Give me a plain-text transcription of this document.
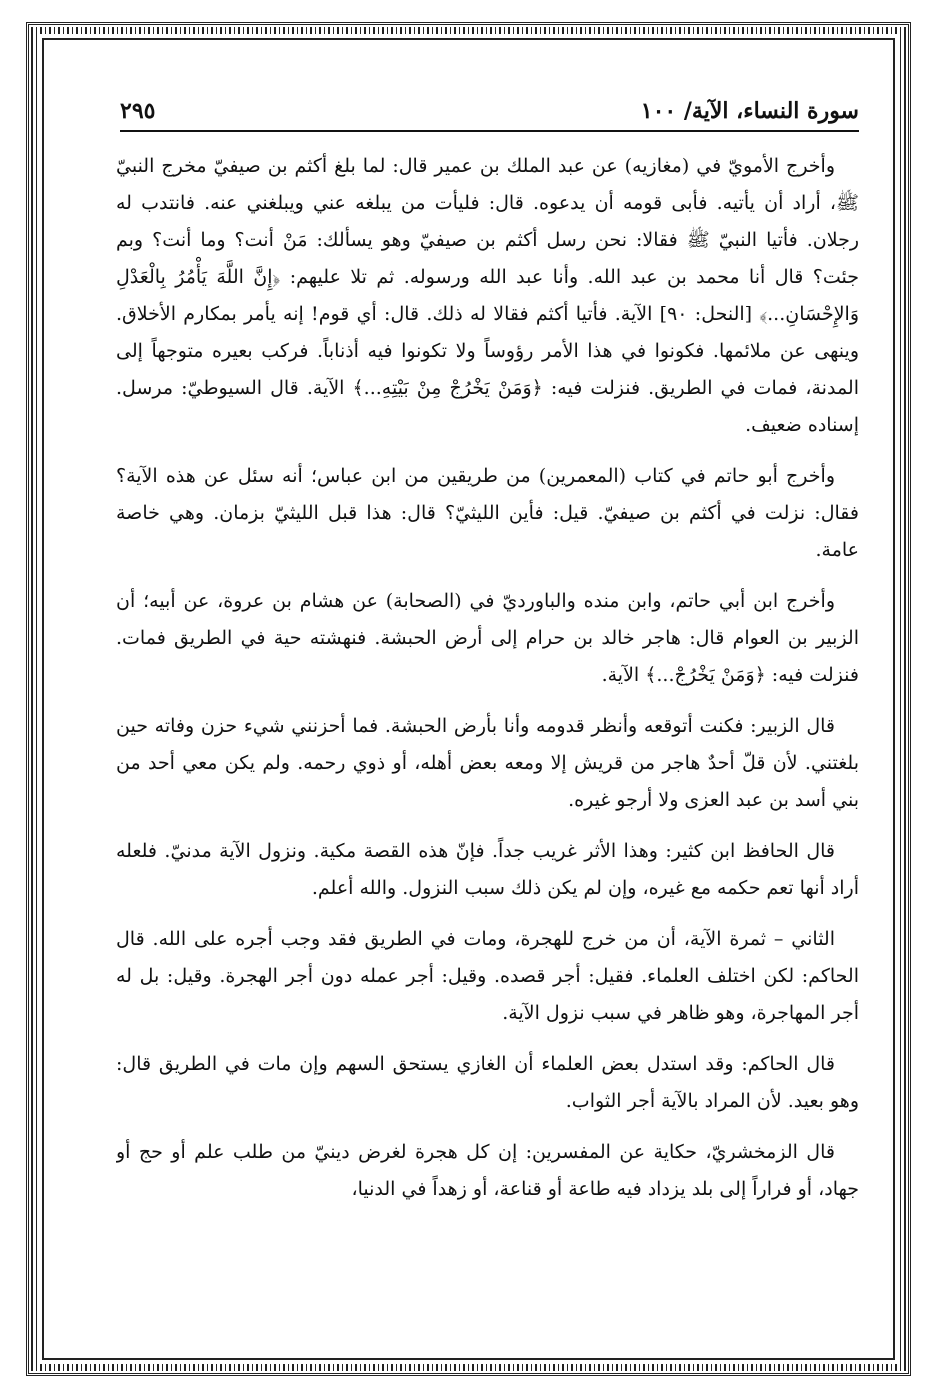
سورة النساء، الآية/ ١٠٠
٢٩٥

وأخرج الأمويّ في (مغازيه) عن عبد الملك بن عمير قال: لما بلغ أكثم بن صيفيّ مخرج النبيّ ﷺ، أراد أن يأتيه. فأبى قومه أن يدعوه. قال: فليأت من يبلغه عني ويبلغني عنه. فانتدب له رجلان. فأتيا النبيّ ﷺ فقالا: نحن رسل أكثم بن صيفيّ وهو يسألك: مَنْ أنت؟ وما أنت؟ وبم جئت؟ قال أنا محمد بن عبد الله. وأنا عبد الله ورسوله. ثم تلا عليهم: ﴿إِنَّ اللَّهَ يَأْمُرُ بِالْعَدْلِ وَالإِحْسَانِ...﴾ [النحل: ٩٠] الآية. فأتيا أكثم فقالا له ذلك. قال: أي قوم! إنه يأمر بمكارم الأخلاق. وينهى عن ملائمها. فكونوا في هذا الأمر رؤوساً ولا تكونوا فيه أذناباً. فركب بعيره متوجهاً إلى المدنة، فمات في الطريق. فنزلت فيه: ﴿وَمَنْ يَخْرُجْ مِنْ بَيْتِهِ...﴾ الآية. قال السيوطيّ: مرسل. إسناده ضعيف.

وأخرج أبو حاتم في كتاب (المعمرين) من طريقين من ابن عباس؛ أنه سئل عن هذه الآية؟ فقال: نزلت في أكثم بن صيفيّ. قيل: فأين الليثيّ؟ قال: هذا قبل الليثيّ بزمان. وهي خاصة عامة.

وأخرج ابن أبي حاتم، وابن منده والباورديّ في (الصحابة) عن هشام بن عروة، عن أبيه؛ أن الزبير بن العوام قال: هاجر خالد بن حرام إلى أرض الحبشة. فنهشته حية في الطريق فمات. فنزلت فيه: ﴿وَمَنْ يَخْرُجْ...﴾ الآية.

قال الزبير: فكنت أتوقعه وأنظر قدومه وأنا بأرض الحبشة. فما أحزنني شيء حزن وفاته حين بلغتني. لأن قلّ أحدٌ هاجر من قريش إلا ومعه بعض أهله، أو ذوي رحمه. ولم يكن معي أحد من بني أسد بن عبد العزى ولا أرجو غيره.

قال الحافظ ابن كثير: وهذا الأثر غريب جداً. فإنّ هذه القصة مكية. ونزول الآية مدنيّ. فلعله أراد أنها تعم حكمه مع غيره، وإن لم يكن ذلك سبب النزول. والله أعلم.

الثاني – ثمرة الآية، أن من خرج للهجرة، ومات في الطريق فقد وجب أجره على الله. قال الحاكم: لكن اختلف العلماء. فقيل: أجر قصده. وقيل: أجر عمله دون أجر الهجرة. وقيل: بل له أجر المهاجرة، وهو ظاهر في سبب نزول الآية.

قال الحاكم: وقد استدل بعض العلماء أن الغازي يستحق السهم وإن مات في الطريق قال: وهو بعيد. لأن المراد بالآية أجر الثواب.

قال الزمخشريّ، حكاية عن المفسرين: إن كل هجرة لغرض دينيّ من طلب علم أو حج أو جهاد، أو فراراً إلى بلد يزداد فيه طاعة أو قناعة، أو زهداً في الدنيا،
